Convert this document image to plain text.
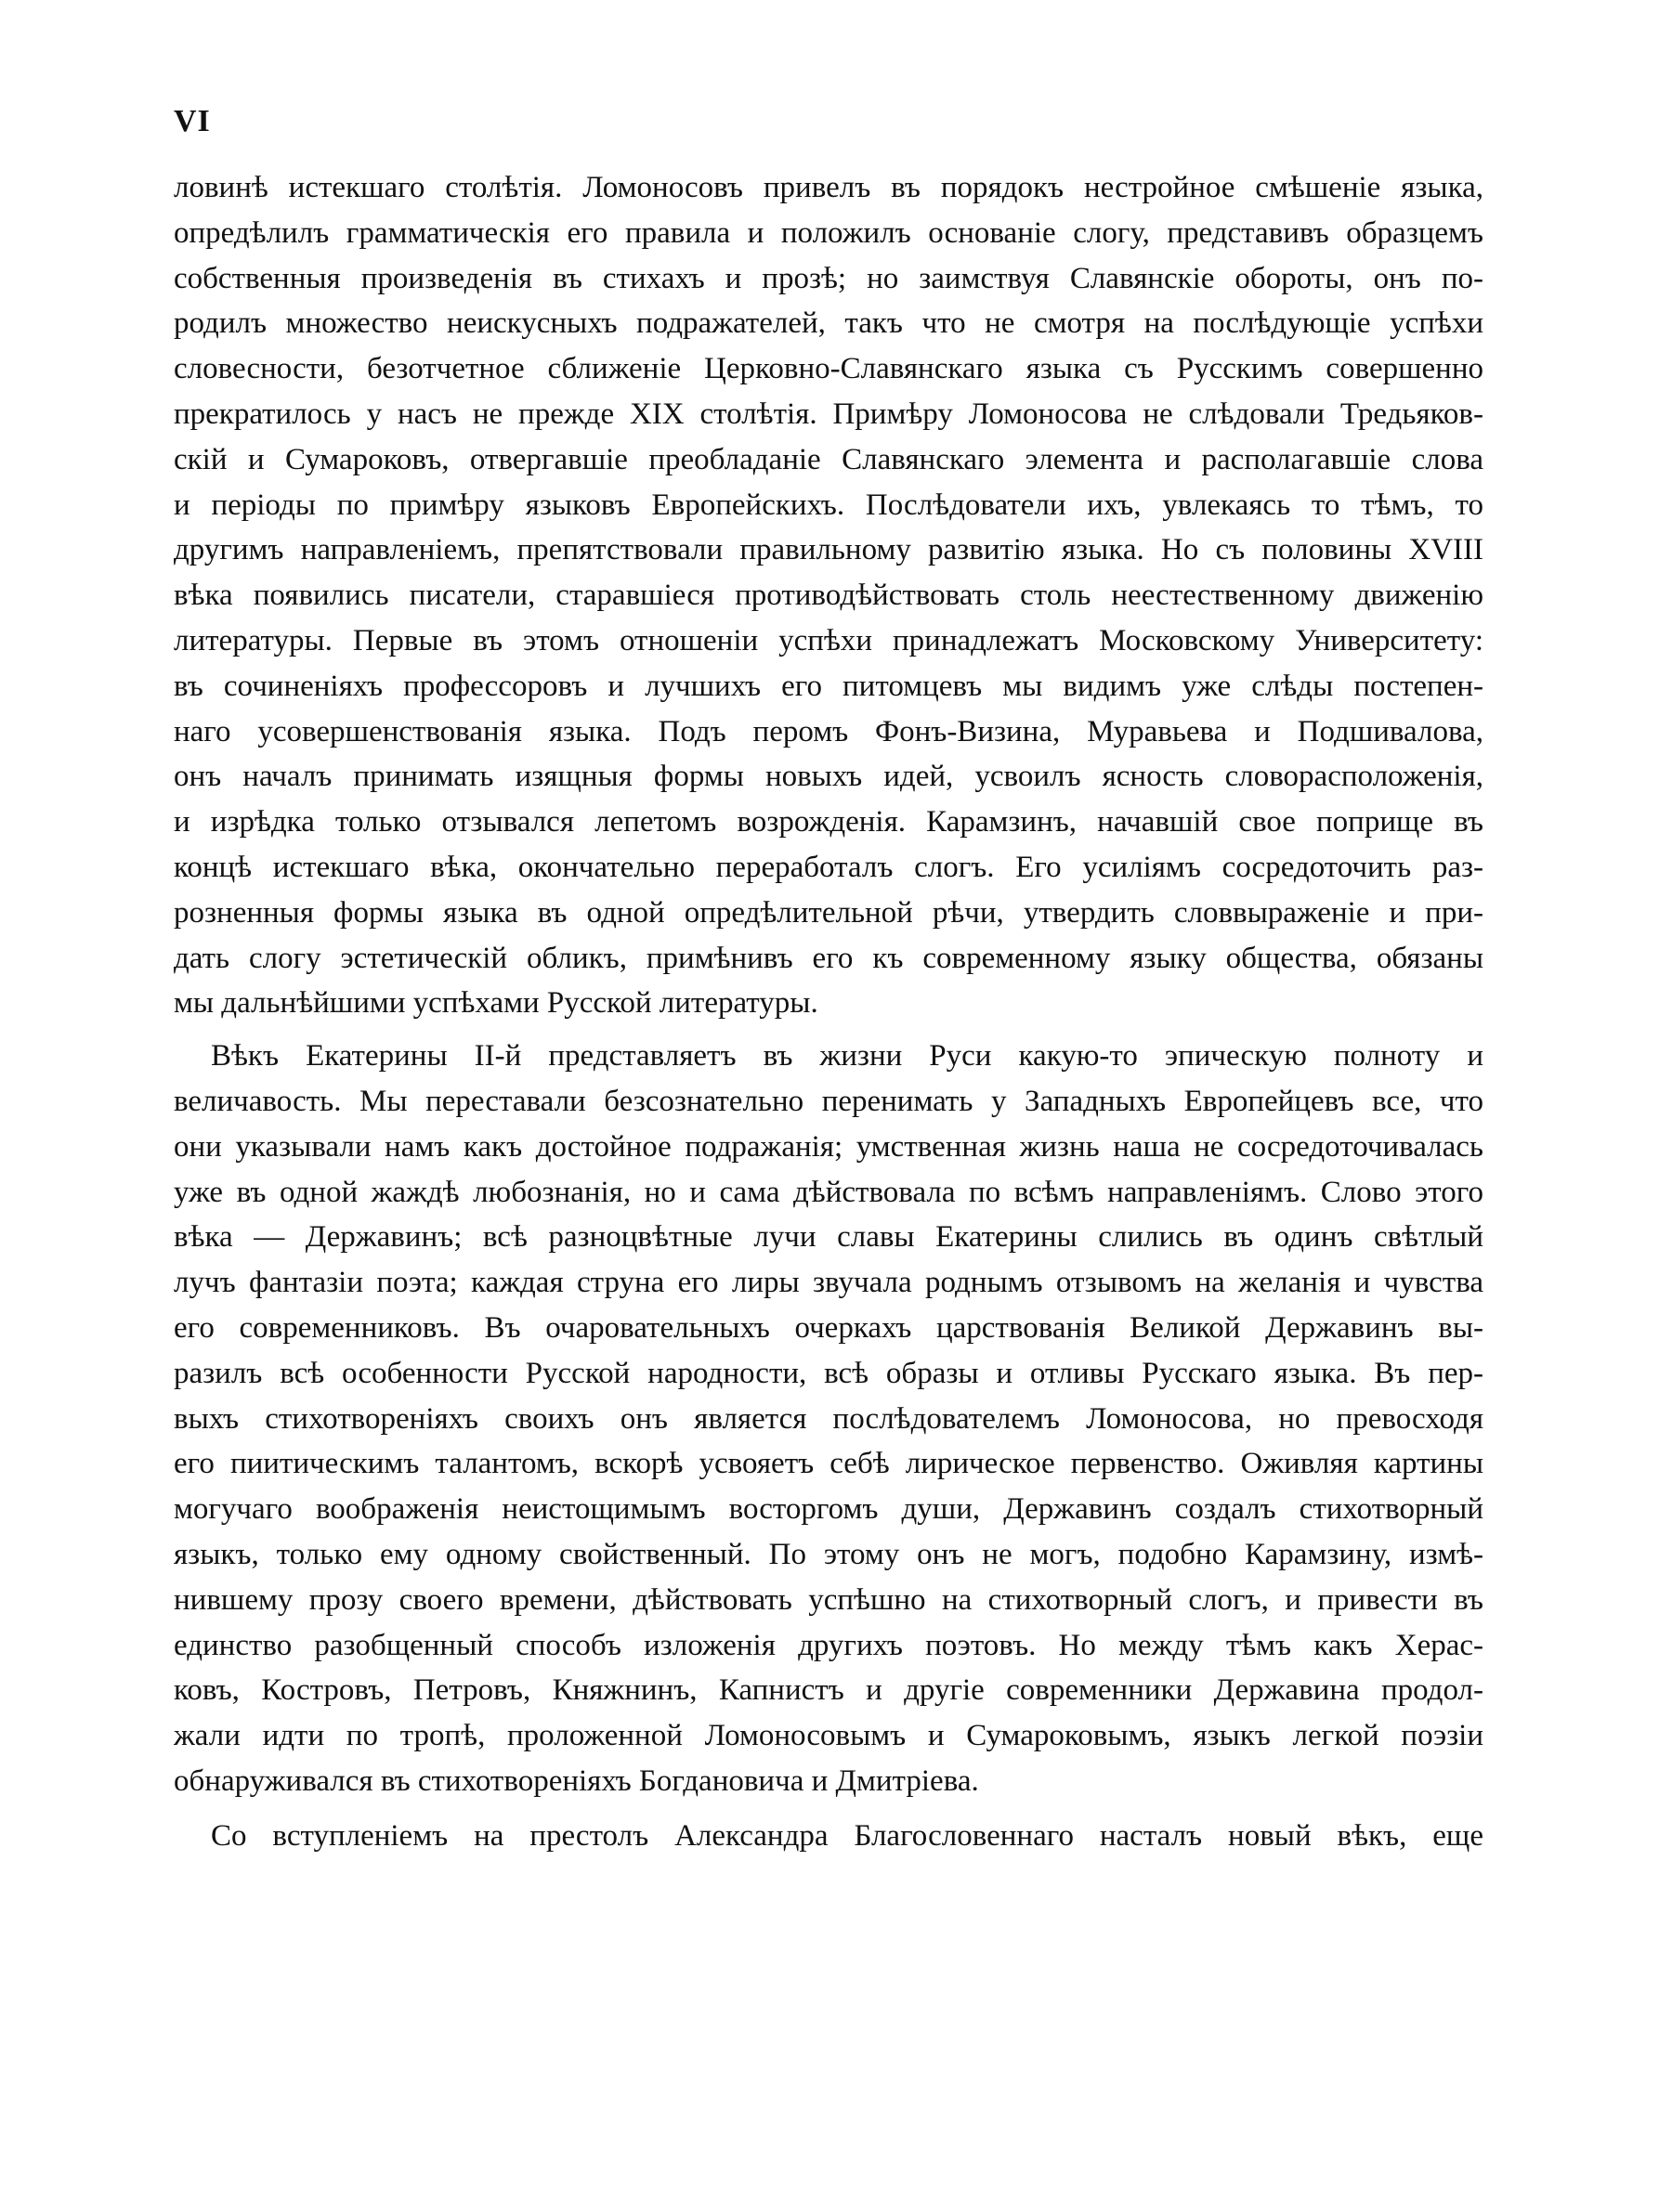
VI
ловинѣ истекшаго столѣтія. Ломоносовъ привелъ въ порядокъ нестройное смѣшеніе языка,
опредѣлилъ грамматическія его правила и положилъ основаніе слогу, представивъ образцемъ
собственныя произведенія въ стихахъ и прозѣ; но заимствуя Славянскіе обороты, онъ по-
родилъ множество неискусныхъ подражателей, такъ что не смотря на послѣдующіе успѣхи
словесности, безотчетное сближеніе Церковно-Славянскаго языка съ Русскимъ совершенно
прекратилось у насъ не прежде XIX столѣтія. Примѣру Ломоносова не слѣдовали Тредьяков-
скій и Сумароковъ, отвергавшіе преобладаніе Славянскаго элемента и располагавшіе слова
и періоды по примѣру языковъ Европейскихъ. Послѣдователи ихъ, увлекаясь то тѣмъ, то
другимъ направленіемъ, препятствовали правильному развитію языка. Но съ половины XVIII
вѣка появились писатели, старавшіеся противодѣйствовать столь неестественному движенію
литературы. Первые въ этомъ отношеніи успѣхи принадлежатъ Московскому Университету:
въ сочиненіяхъ профессоровъ и лучшихъ его питомцевъ мы видимъ уже слѣды постепен-
наго усовершенствованія языка. Подъ перомъ Фонъ-Визина, Муравьева и Подшивалова,
онъ началъ принимать изящныя формы новыхъ идей, усвоилъ ясность словорасположенія,
и изрѣдка только отзывался лепетомъ возрожденія. Карамзинъ, начавшій свое поприще въ
концѣ истекшаго вѣка, окончательно переработалъ слогъ. Его усиліямъ сосредоточить раз-
розненныя формы языка въ одной опредѣлительной рѣчи, утвердить словвыраженіе и при-
дать слогу эстетическій обликъ, примѣнивъ его къ современному языку общества, обязаны
мы дальнѣйшими успѣхами Русской литературы.
Вѣкъ Екатерины II-й представляетъ въ жизни Руси какую-то эпическую полноту и
величавость. Мы переставали безсознательно перенимать у Западныхъ Европейцевъ все, что
они указывали намъ какъ достойное подражанія; умственная жизнь наша не сосредоточивалась
уже въ одной жаждѣ любознанія, но и сама дѣйствовала по всѣмъ направленіямъ. Слово этого
вѣка — Державинъ; всѣ разноцвѣтные лучи славы Екатерины слились въ одинъ свѣтлый
лучъ фантазіи поэта; каждая струна его лиры звучала роднымъ отзывомъ на желанія и чувства
его современниковъ. Въ очаровательныхъ очеркахъ царствованія Великой Державинъ вы-
разилъ всѣ особенности Русской народности, всѣ образы и отливы Русскаго языка. Въ пер-
выхъ стихотвореніяхъ своихъ онъ является послѣдователемъ Ломоносова, но превосходя
его пиитическимъ талантомъ, вскорѣ усвояетъ себѣ лирическое первенство. Оживляя картины
могучаго воображенія неистощимымъ восторгомъ души, Державинъ создалъ стихотворный
языкъ, только ему одному свойственный. По этому онъ не могъ, подобно Карамзину, измѣ-
нившему прозу своего времени, дѣйствовать успѣшно на стихотворный слогъ, и привести въ
единство разобщенный способъ изложенія другихъ поэтовъ. Но между тѣмъ какъ Херас-
ковъ, Костровъ, Петровъ, Княжнинъ, Капнистъ и другіе современники Державина продол-
жали идти по тропѣ, проложенной Ломоносовымъ и Сумароковымъ, языкъ легкой поэзіи
обнаруживался въ стихотвореніяхъ Богдановича и Дмитріева.
Со вступленіемъ на престолъ Александра Благословеннаго насталъ новый вѣкъ, еще
